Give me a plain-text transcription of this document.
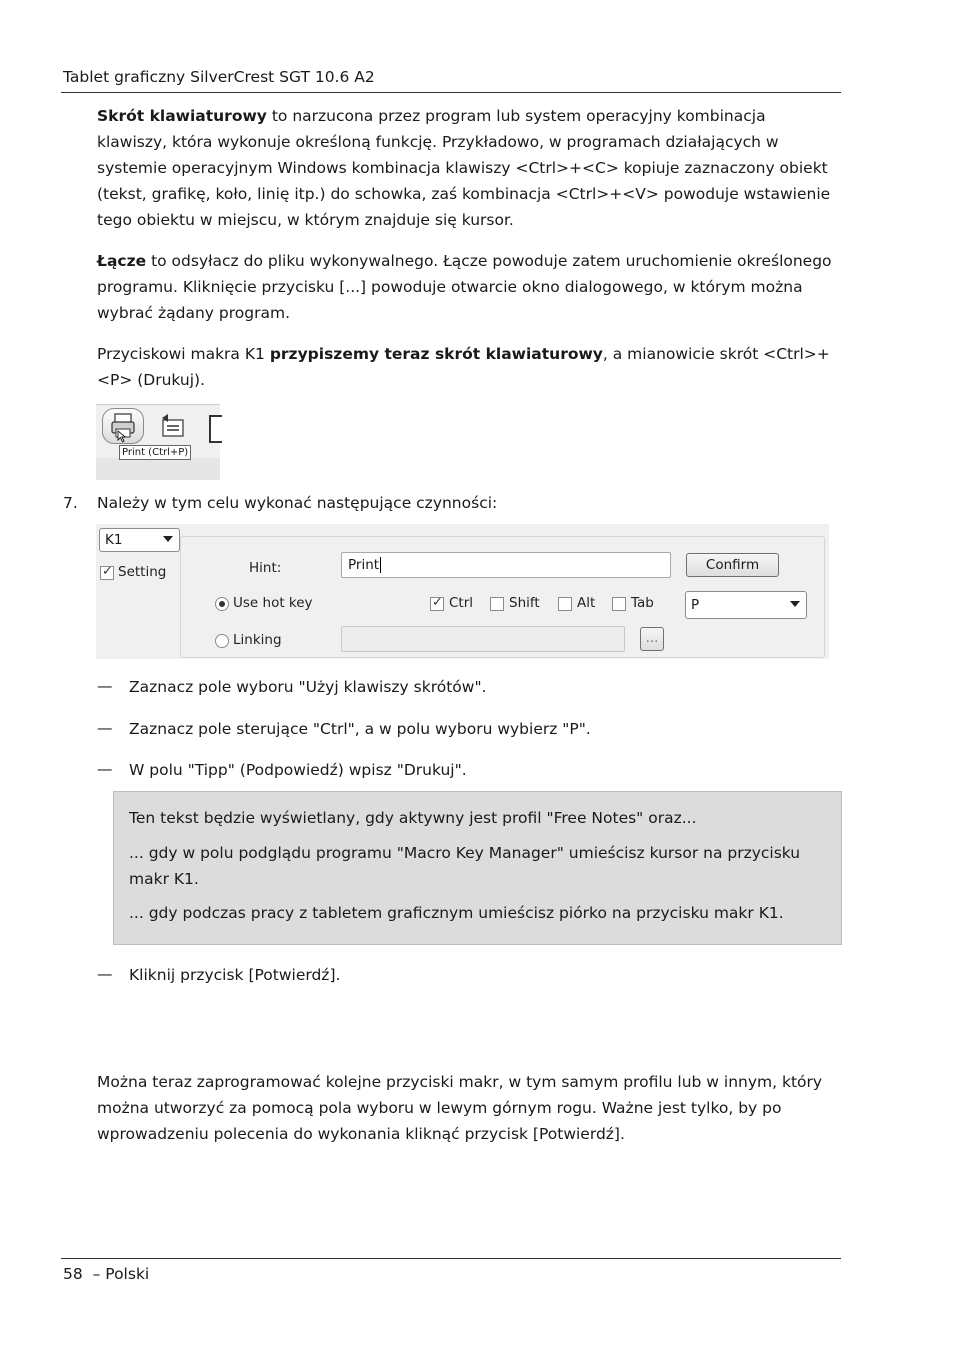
Tablet graficzny SilverCrest SGT 10.6 A2
Skrót klawiaturowy to narzucona przez program lub system operacyjny kombinacja klawiszy, która wykonuje określoną funkcję. Przykładowo, w programach działających w systemie operacyjnym Windows kombinacja klawiszy <Ctrl>+<C> kopiuje zaznaczony obiekt (tekst, grafikę, koło, linię itp.) do schowka, zaś kombinacja <Ctrl>+<V> powoduje wstawienie tego obiektu w miejscu, w którym znajduje się kursor.
Łącze to odsyłacz do pliku wykonywalnego. Łącze powoduje zatem uruchomienie określonego programu. Kliknięcie przycisku [...] powoduje otwarcie okno dialogowego, w którym można wybrać żądany program.
Przyciskowi makra K1 przypiszemy teraz skrót klawiaturowy, a mianowicie skrót <Ctrl>+<P> (Drukuj).
Print (Ctrl+P)
7. Należy w tym celu wykonać następujące czynności:
K1
✓
Setting	Hint:	Print	Confirm
Use hot key
✓	Ctrl	Shift	Alt	Tab	P
Linking	...
— Zaznacz pole wyboru "Użyj klawiszy skrótów".
— Zaznacz pole sterujące "Ctrl", a w polu wyboru wybierz "P".
— W polu "Tipp" (Podpowiedź) wpisz "Drukuj".

Ten tekst będzie wyświetlany, gdy aktywny jest profil "Free Notes" oraz...

... gdy w polu podglądu programu "Macro Key Manager" umieścisz kursor na przycisku makr K1.

... gdy podczas pracy z tabletem graficznym umieścisz piórko na przycisku makr K1.

— Kliknij przycisk [Potwierdź].
Można teraz zaprogramować kolejne przyciski makr, w tym samym profilu lub w innym, który można utworzyć za pomocą pola wyboru w lewym górnym rogu. Ważne jest tylko, by po wprowadzeniu polecenia do wykonania kliknąć przycisk [Potwierdź].
58 – Polski
